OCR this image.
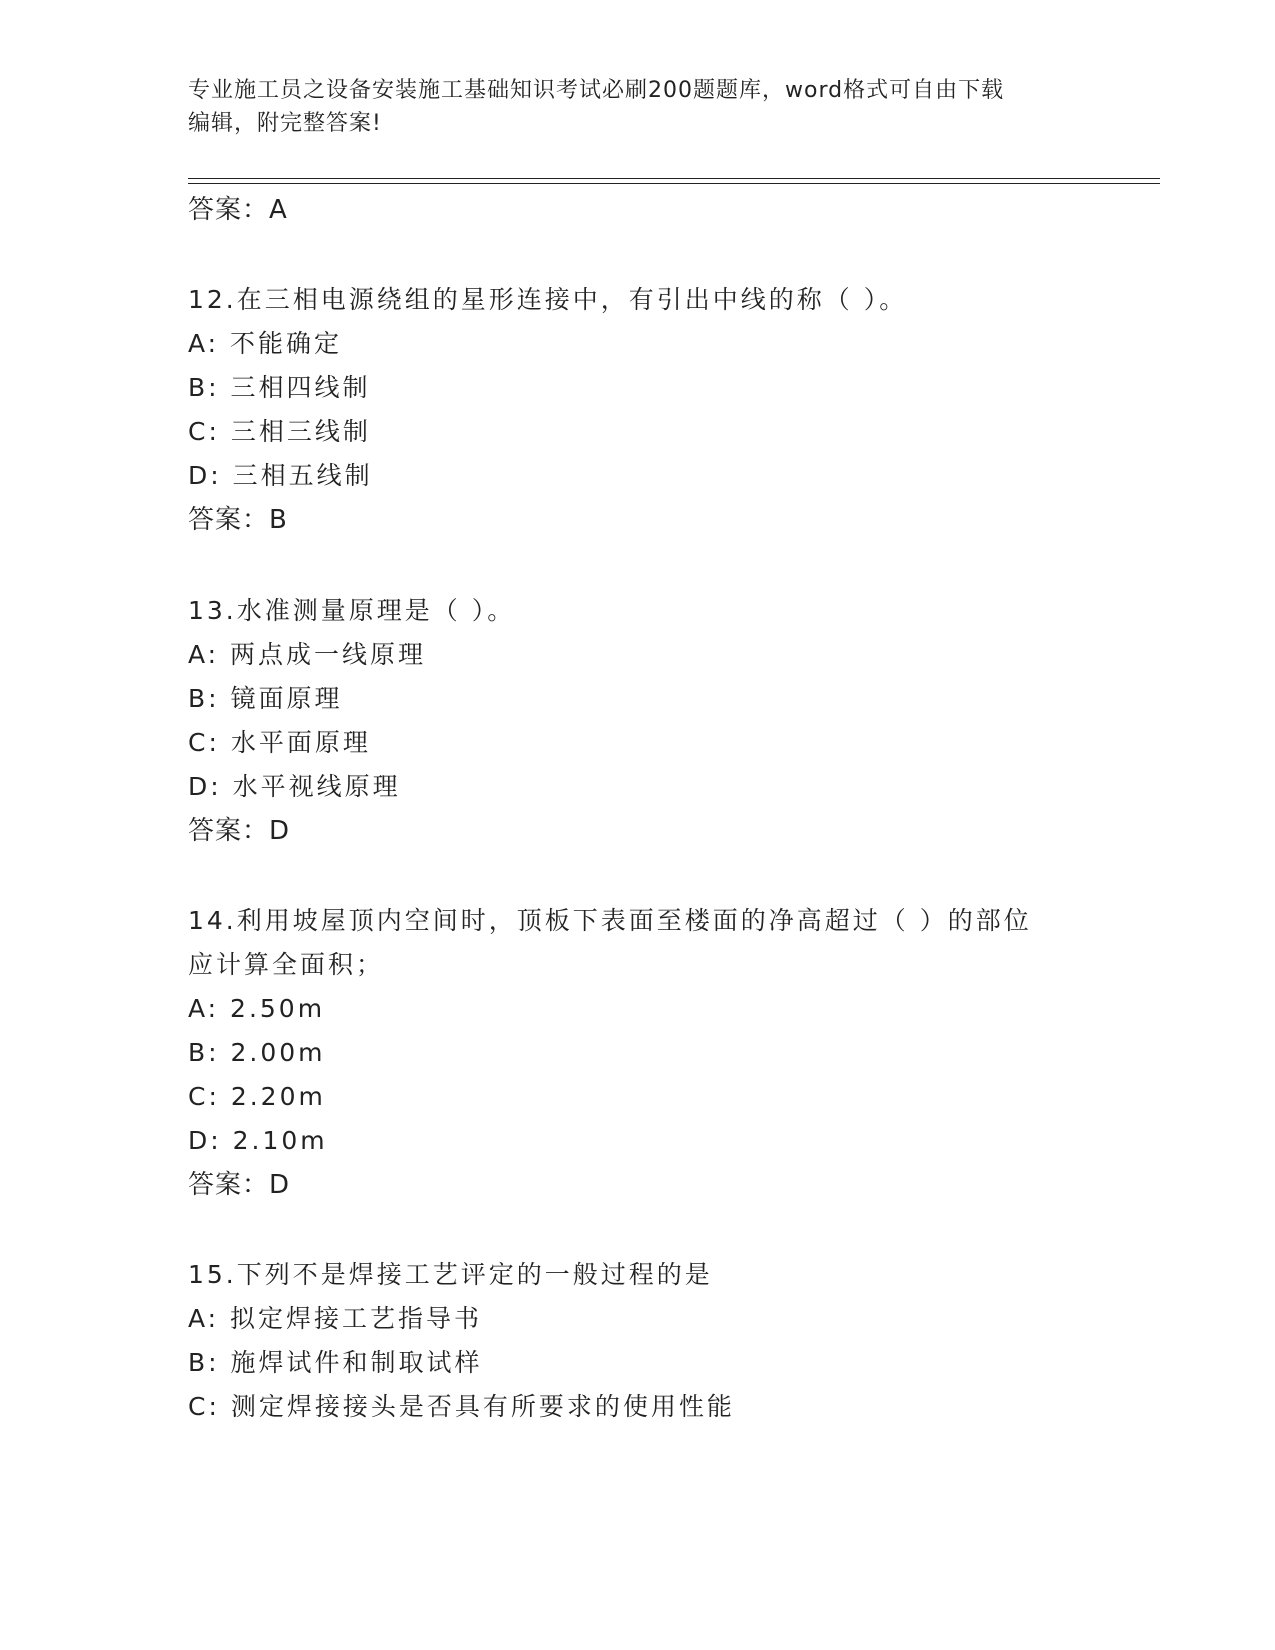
专业施工员之设备安装施工基础知识考试必刷200题题库，word格式可自由下载
编辑，附完整答案!
答案：A
12.在三相电源绕组的星形连接中，有引出中线的称（ ）。
A: 不能确定
B: 三相四线制
C: 三相三线制
D: 三相五线制
答案：B
13.水准测量原理是（ ）。
A: 两点成一线原理
B: 镜面原理
C: 水平面原理
D: 水平视线原理
答案：D
14.利用坡屋顶内空间时，顶板下表面至楼面的净高超过（ ）的部位
应计算全面积；
A: 2.50m
B: 2.00m
C: 2.20m
D: 2.10m
答案：D
15.下列不是焊接工艺评定的一般过程的是
A: 拟定焊接工艺指导书
B: 施焊试件和制取试样
C: 测定焊接接头是否具有所要求的使用性能
